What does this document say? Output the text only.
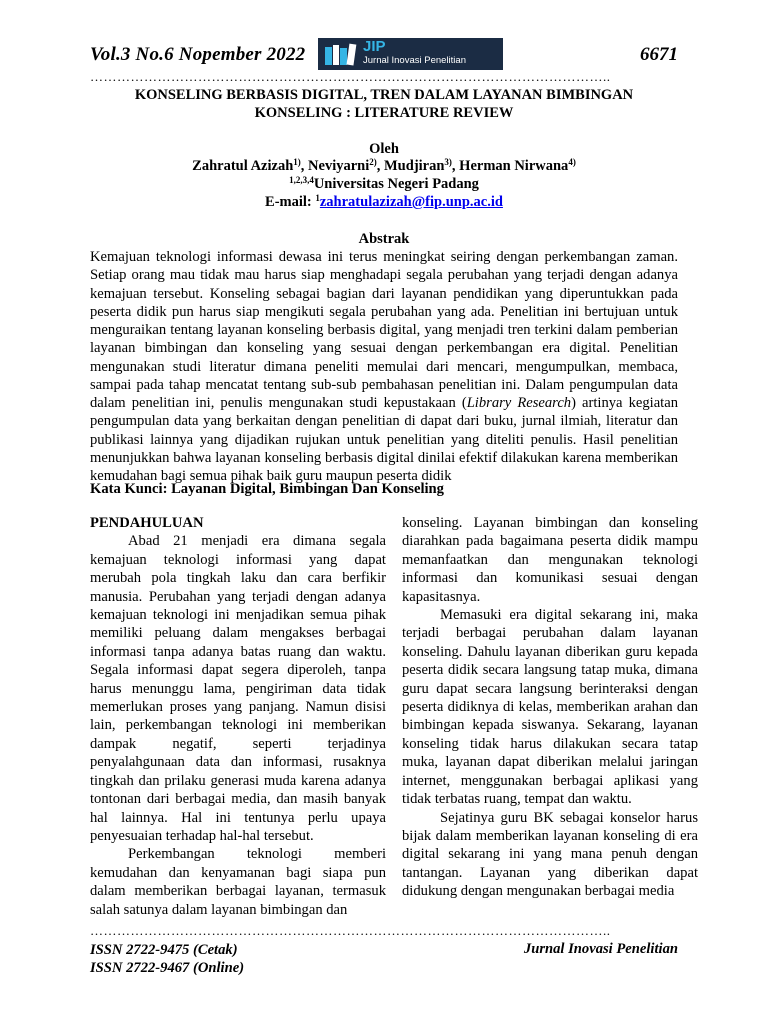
Vol.3 No.6 Nopember 2022	JIP
Jurnal Inovasi Penelitian	6671
……………………………………………………………………………………………………..
KONSELING BERBASIS DIGITAL, TREN DALAM LAYANAN BIMBINGAN KONSELING : LITERATURE REVIEW
Oleh
Zahratul Azizah$^{1)}$, Neviyarni$^{2)}$, Mudjiran$^{3)}$, Herman Nirwana$^{4)}$
$^{1,2,3,4}$Universitas Negeri Padang
E-mail: $^1$zahratulazizah@fip.unp.ac.id
Abstrak
Kemajuan teknologi informasi dewasa ini terus meningkat seiring dengan perkembangan zaman. Setiap orang mau tidak mau harus siap menghadapi segala perubahan yang terjadi dengan adanya kemajuan tersebut. Konseling sebagai bagian dari layanan pendidikan yang diperuntukkan pada peserta didik pun harus siap mengikuti segala perubahan yang ada. Penelitian ini bertujuan untuk menguraikan tentang layanan konseling berbasis digital, yang menjadi tren terkini dalam pemberian layanan bimbingan dan konseling yang sesuai dengan perkembangan era digital. Penelitian mengunakan studi literatur dimana peneliti memulai dari mencari, mengumpulkan, membaca, sampai pada tahap mencatat tentang sub-sub pembahasan penelitian ini. Dalam pengumpulan data dalam penelitian ini, penulis mengunakan studi kepustakaan (Library Research) artinya kegiatan pengumpulan data yang berkaitan dengan penelitian di dapat dari buku, jurnal ilmiah, literatur dan publikasi lainnya yang dijadikan rujukan untuk penelitian yang diteliti penulis. Hasil penelitian menunjukkan bahwa layanan konseling berbasis digital dinilai efektif dilakukan karena memberikan kemudahan bagi semua pihak baik guru maupun peserta didik
Kata Kunci: Layanan Digital, Bimbingan Dan Konseling

PENDAHULUAN

Abad 21 menjadi era dimana segala kemajuan teknologi informasi yang dapat merubah pola tingkah laku dan cara berfikir manusia. Perubahan yang terjadi dengan adanya kemajuan teknologi ini menjadikan semua pihak memiliki peluang dalam mengakses berbagai informasi tanpa adanya batas ruang dan waktu. Segala informasi dapat segera diperoleh, tanpa harus menunggu lama, pengiriman data tidak memerlukan proses yang panjang. Namun disisi lain, perkembangan teknologi ini memberikan dampak negatif, seperti terjadinya penyalahgunaan data dan informasi, rusaknya tingkah dan prilaku generasi muda karena adanya tontonan dari berbagai media, dan masih banyak hal lainnya. Hal ini tentunya perlu upaya penyesuaian terhadap hal-hal tersebut.

Perkembangan teknologi memberi kemudahan dan kenyamanan bagi siapa pun dalam memberikan berbagai layanan, termasuk salah satunya dalam layanan bimbingan dan

konseling. Layanan bimbingan dan konseling diarahkan pada bagaimana peserta didik mampu memanfaatkan dan mengunakan teknologi informasi dan komunikasi sesuai dengan kapasitasnya.

Memasuki era digital sekarang ini, maka terjadi berbagai perubahan dalam layanan konseling. Dahulu layanan diberikan guru kepada peserta didik secara langsung tatap muka, dimana guru dapat secara langsung berinteraksi dengan peserta didiknya di kelas, memberikan arahan dan bimbingan kepada siswanya. Sekarang, layanan konseling tidak harus dilakukan secara tatap muka, layanan dapat diberikan melalui jaringan internet, menggunakan berbagai aplikasi yang tidak terbatas ruang, tempat dan waktu.

Sejatinya guru BK sebagai konselor harus bijak dalam memberikan layanan konseling di era digital sekarang ini yang mana penuh dengan tantangan. Layanan yang diberikan dapat didukung dengan mengunakan berbagai media

……………………………………………………………………………………………………..
ISSN 2722-9475 (Cetak)
ISSN 2722-9467 (Online)
Jurnal Inovasi Penelitian
